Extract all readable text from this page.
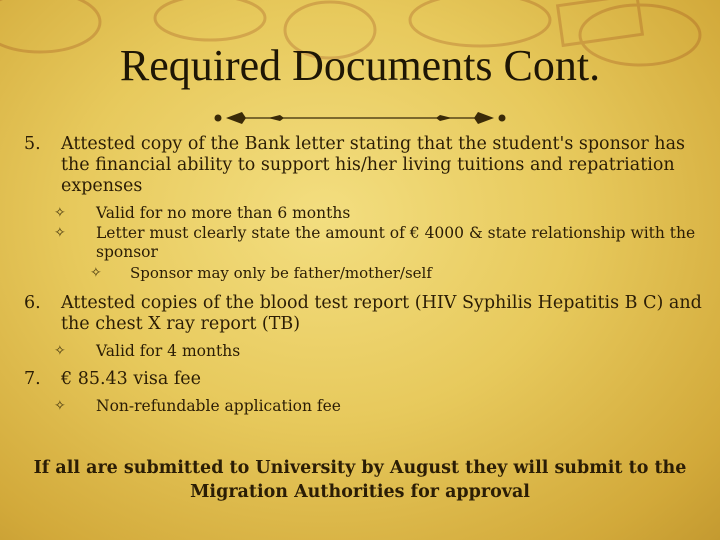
Required Documents Cont.
5.	Attested copy of the Bank letter stating that the student's sponsor has the financial ability to support his/her living tuitions and repatriation expenses
✧	Valid for no more than 6 months
✧	Letter must clearly state the amount of € 4000 & state relationship with the sponsor
✧	Sponsor may only be father/mother/self
6.	Attested copies of the blood test report (HIV Syphilis Hepatitis B C) and the chest X ray report (TB)
✧	Valid for 4 months
7.	€ 85.43 visa fee
✧	Non-refundable application fee
If all are submitted to University by August they will submit to the Migration Authorities for approval
